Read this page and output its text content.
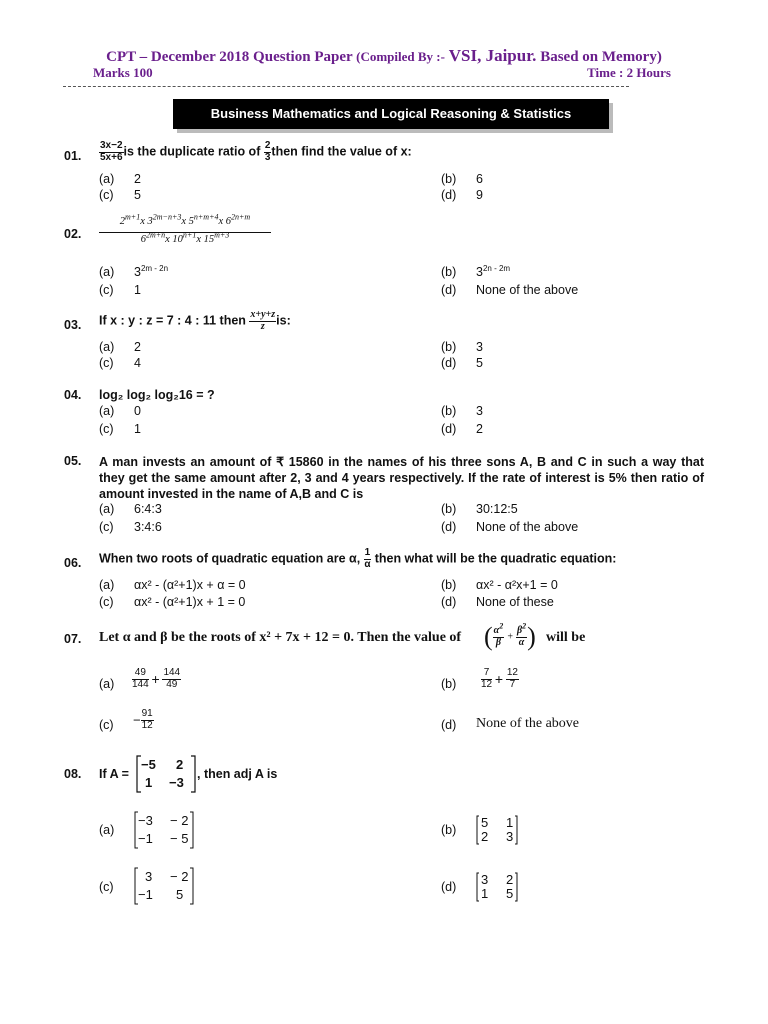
CPT – December 2018 Question Paper (Compiled By :- VSI, Jaipur. Based on Memory)
Marks 100	Time : 2 Hours
Business Mathematics and Logical Reasoning & Statistics
01. $\frac{3x-2}{5x+6}$ is the duplicate ratio of $\frac{2}{3}$ then find the value of x:
(a) 2	(b) 6
(c) 5	(d) 9
02.
$2^{m+1}x$ $3^{2m-n+3}x$ $5^{n+m+4}x$ $6^{2n+m}$
$6^{2m+n}x$ $10^{n+1}x$ $15^{m+3}$
(a) $3^{2m - 2n}$	(b) $3^{2n - 2m}$
(c) 1	(d) None of the above
03. If x : y : z = 7 : 4 : 11 then $\frac{x+y+z}{z}$ is:
(a) 2	(b) 3
(c) 4	(d) 5
04. log₂ log₂ log₂16 = ?
(a) 0	(b) 3
(c) 1	(d) 2
05. A man invests an amount of ₹ 15860 in the names of his three sons A, B and C in such a way that they get the same amount after 2, 3 and 4 years respectively. If the rate of interest is 5% then ratio of amount invested in the name of A,B and C is
(a) 6:4:3	(b) 30:12:5
(c) 3:4:6	(d) None of the above
06. When two roots of quadratic equation are α, $\frac{1}{\alpha}$ then what will be the quadratic equation:
(a) αx² - (α²+1)x + α = 0	(b) αx² - α²x+1 = 0
(c) αx² - (α²+1)x + 1 = 0	(d) None of these
07. Let α and β be the roots of x² + 7x + 12 = 0. Then the value of ( $\frac{\alpha^2}{\beta} + \frac{\beta^2}{\alpha}$ ) will be
$(a) \frac{49}{144} + \frac{144}{49}$	$(b) \frac{7}{12} + \frac{12}{7}$
$(c) - \frac{91}{12}$	(d) None of the above
08. If A =
−5 2
1 −3
, then adj A is
(a)
−3 − 2
−1 − 5
(b) 5 1
2 3
(c)
3 − 2
−1 5	(d) 3 2
1 5
